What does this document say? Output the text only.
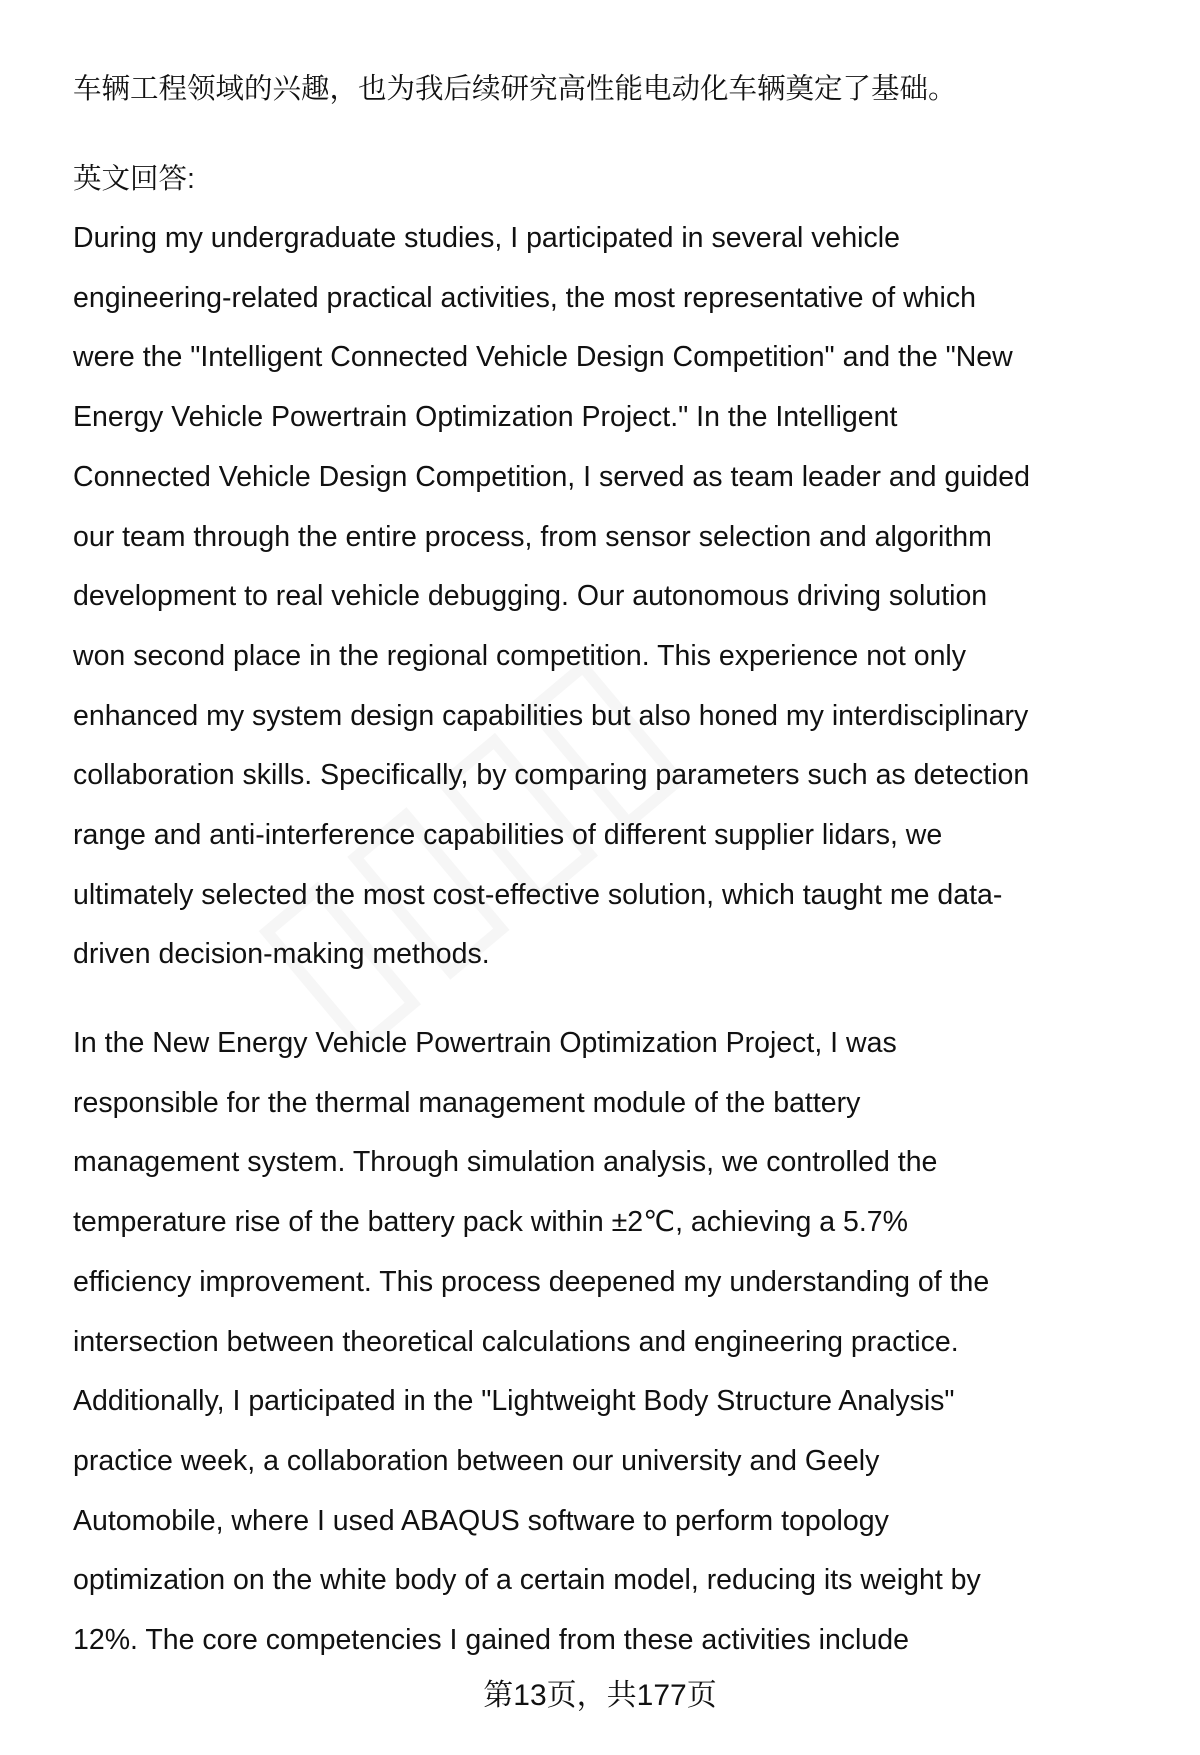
车辆工程领域的兴趣，也为我后续研究高性能电动化车辆奠定了基础。
英文回答:
During my undergraduate studies, I participated in several vehicle
engineering-related practical activities, the most representative of which
were the "Intelligent Connected Vehicle Design Competition" and the "New
Energy Vehicle Powertrain Optimization Project." In the Intelligent
Connected Vehicle Design Competition, I served as team leader and guided
our team through the entire process, from sensor selection and algorithm
development to real vehicle debugging. Our autonomous driving solution
won second place in the regional competition. This experience not only
enhanced my system design capabilities but also honed my interdisciplinary
collaboration skills. Specifically, by comparing parameters such as detection
range and anti-interference capabilities of different supplier lidars, we
ultimately selected the most cost-effective solution, which taught me data-
driven decision-making methods.
In the New Energy Vehicle Powertrain Optimization Project, I was
responsible for the thermal management module of the battery
management system. Through simulation analysis, we controlled the
temperature rise of the battery pack within ±2℃, achieving a 5.7%
efficiency improvement. This process deepened my understanding of the
intersection between theoretical calculations and engineering practice.
Additionally, I participated in the "Lightweight Body Structure Analysis"
practice week, a collaboration between our university and Geely
Automobile, where I used ABAQUS software to perform topology
optimization on the white body of a certain model, reducing its weight by
12%. The core competencies I gained from these activities include
第13页，共177页
